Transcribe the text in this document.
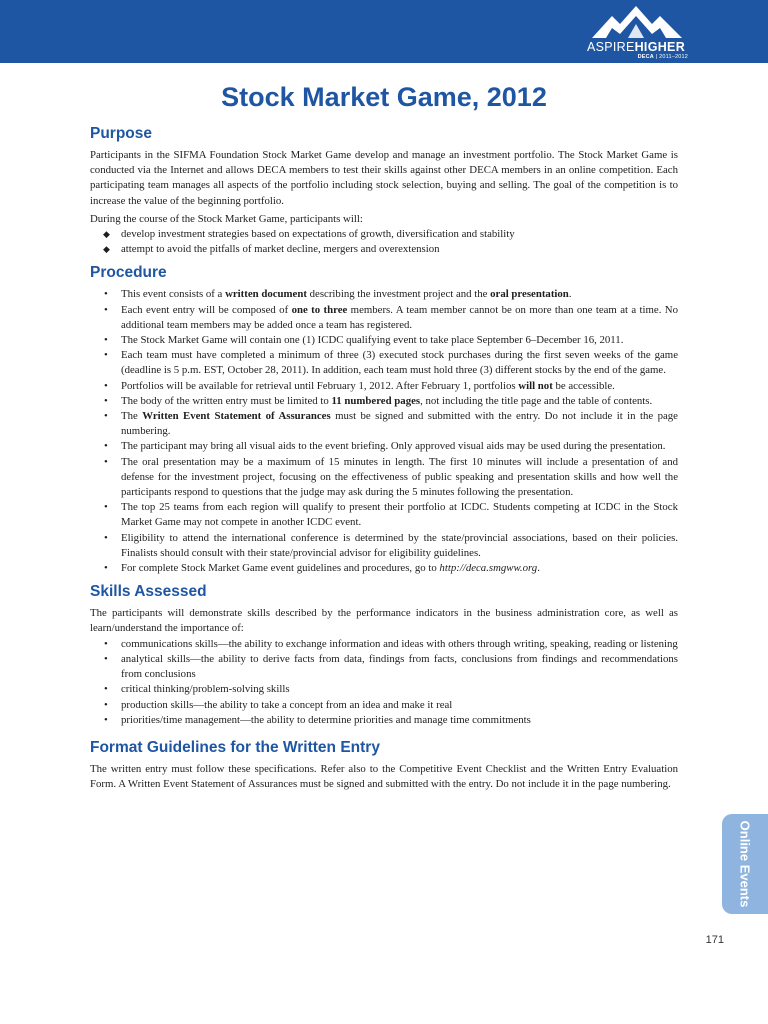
ASPIREHIGHER
DECA | 2011–2012
Stock Market Game, 2012
Purpose

Participants in the SIFMA Foundation Stock Market Game develop and manage an investment portfolio. The Stock Market Game is conducted via the Internet and allows DECA members to test their skills against other DECA members in an online competition. Each participating team manages all aspects of the portfolio including stock selection, buying and selling. The goal of the competition is to increase the value of the beginning portfolio.

During the course of the Stock Market Game, participants will:

◆ develop investment strategies based on expectations of growth, diversification and stability
◆ attempt to avoid the pitfalls of market decline, mergers and overextension
Procedure
• This event consists of a written document describing the investment project and the oral presentation.
• Each event entry will be composed of one to three members. A team member cannot be on more than one team at a time. No additional team members may be added once a team has registered.
• The Stock Market Game will contain one (1) ICDC qualifying event to take place September 6–December 16, 2011.
• Each team must have completed a minimum of three (3) executed stock purchases during the first seven weeks of the game (deadline is 5 p.m. EST, October 28, 2011). In addition, each team must hold three (3) different stocks by the end of the game.
• Portfolios will be available for retrieval until February 1, 2012. After February 1, portfolios will not be accessible.
• The body of the written entry must be limited to 11 numbered pages, not including the title page and the table of contents.
• The Written Event Statement of Assurances must be signed and submitted with the entry. Do not include it in the page numbering.
• The participant may bring all visual aids to the event briefing. Only approved visual aids may be used during the presentation.
• The oral presentation may be a maximum of 15 minutes in length. The first 10 minutes will include a presentation of and defense for the investment project, focusing on the effectiveness of public speaking and presentation skills and how well the participants respond to questions that the judge may ask during the 5 minutes following the presentation.
• The top 25 teams from each region will qualify to present their portfolio at ICDC. Students competing at ICDC in the Stock Market Game may not compete in another ICDC event.
• Eligibility to attend the international conference is determined by the state/provincial associations, based on their policies. Finalists should consult with their state/provincial advisor for eligibility guidelines.
• For complete Stock Market Game event guidelines and procedures, go to http://deca.smgww.org.
Skills Assessed

The participants will demonstrate skills described by the performance indicators in the business administration core, as well as learn/understand the importance of:

• communications skills—the ability to exchange information and ideas with others through writing, speaking, reading or listening
• analytical skills—the ability to derive facts from data, findings from facts, conclusions from findings and recommendations from conclusions
• critical thinking/problem-solving skills
• production skills—the ability to take a concept from an idea and make it real
• priorities/time management—the ability to determine priorities and manage time commitments
Format Guidelines for the Written Entry

The written entry must follow these specifications. Refer also to the Competitive Event Checklist and the Written Entry Evaluation Form. A Written Event Statement of Assurances must be signed and submitted with the entry. Do not include it in the page numbering.

Online Events
171
